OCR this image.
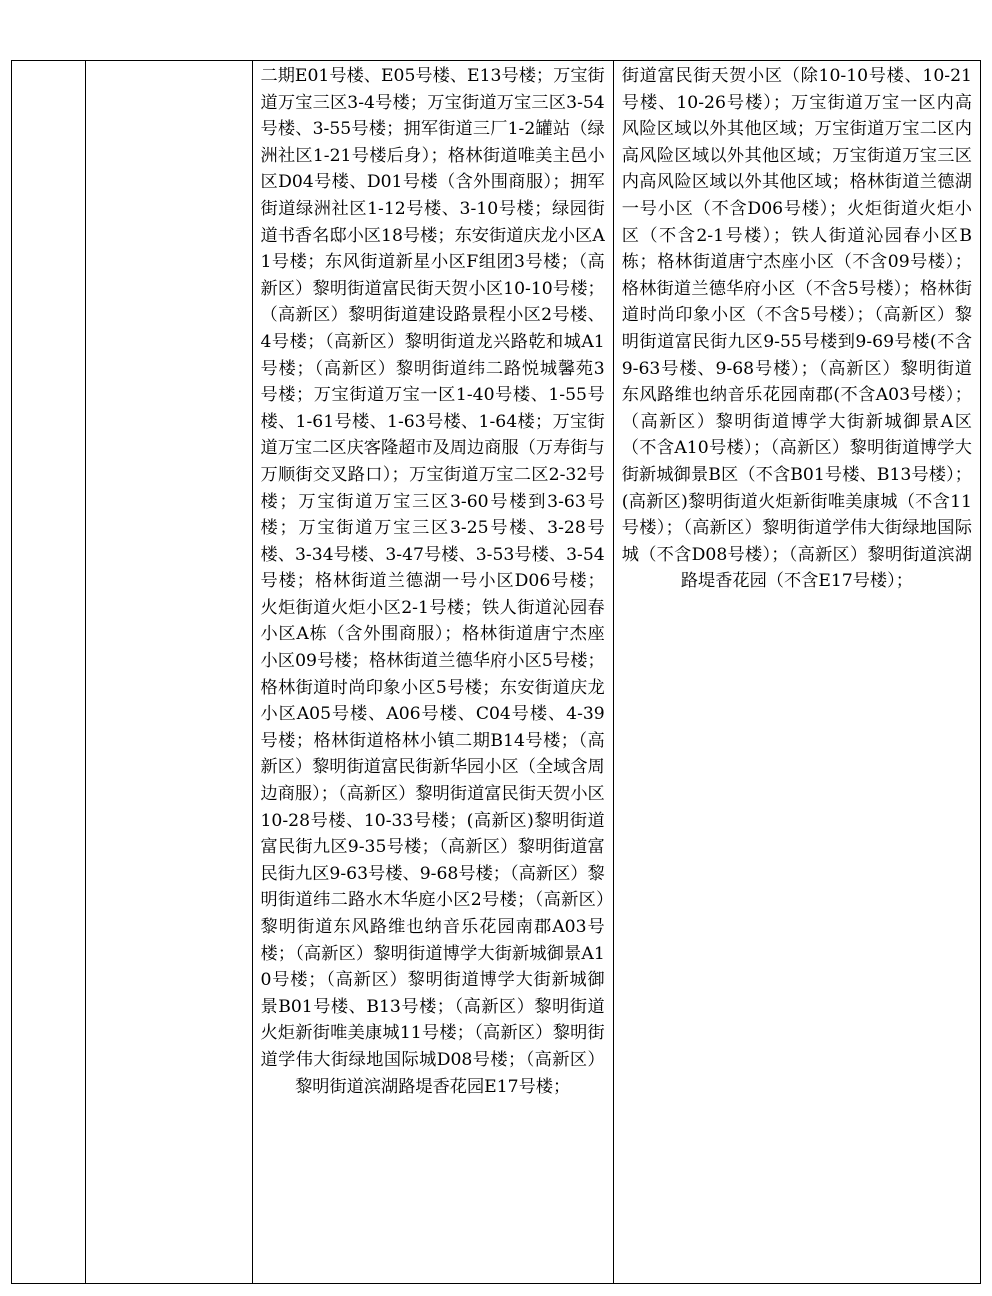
二期E01号楼、E05号楼、E13号楼；万宝街道万宝三区3-4号楼；万宝街道万宝三区3-54号楼、3-55号楼；拥军街道三厂1-2罐站（绿洲社区1-21号楼后身）；格林街道唯美主邑小区D04号楼、D01号楼（含外围商服）；拥军街道绿洲社区1-12号楼、3-10号楼；绿园街道书香名邸小区18号楼；东安街道庆龙小区A1号楼；东风街道新星小区F组团3号楼；（高新区）黎明街道富民街天贺小区10-10号楼；（高新区）黎明街道建设路景程小区2号楼、4号楼；（高新区）黎明街道龙兴路乾和城A1号楼；（高新区）黎明街道纬二路悦城馨苑3号楼；万宝街道万宝一区1-40号楼、1-55号楼、1-61号楼、1-63号楼、1-64楼；万宝街道万宝二区庆客隆超市及周边商服（万寿街与万顺街交叉路口）；万宝街道万宝二区2-32号楼；万宝街道万宝三区3-60号楼到3-63号楼；万宝街道万宝三区3-25号楼、3-28号楼、3-34号楼、3-47号楼、3-53号楼、3-54号楼；格林街道兰德湖一号小区D06号楼；火炬街道火炬小区2-1号楼；铁人街道沁园春小区A栋（含外围商服）；格林街道唐宁杰座小区09号楼；格林街道兰德华府小区5号楼；格林街道时尚印象小区5号楼；东安街道庆龙小区A05号楼、A06号楼、C04号楼、4-39号楼；格林街道格林小镇二期B14号楼；（高新区）黎明街道富民街新华园小区（全域含周边商服）；（高新区）黎明街道富民街天贺小区10-28号楼、10-33号楼；(高新区)黎明街道富民街九区9-35号楼；（高新区）黎明街道富民街九区9-63号楼、9-68号楼；（高新区）黎明街道纬二路水木华庭小区2号楼；（高新区）黎明街道东风路维也纳音乐花园南郡A03号楼；（高新区）黎明街道博学大街新城御景A10号楼；（高新区）黎明街道博学大街新城御景B01号楼、B13号楼；（高新区）黎明街道火炬新街唯美康城11号楼；（高新区）黎明街道学伟大街绿地国际城D08号楼；（高新区）黎明街道滨湖路堤香花园E17号楼；

街道富民街天贺小区（除10-10号楼、10-21号楼、10-26号楼）；万宝街道万宝一区内高风险区域以外其他区域；万宝街道万宝二区内高风险区域以外其他区域；万宝街道万宝三区内高风险区域以外其他区域；格林街道兰德湖一号小区（不含D06号楼）；火炬街道火炬小区（不含2-1号楼）；铁人街道沁园春小区B栋；格林街道唐宁杰座小区（不含09号楼）；格林街道兰德华府小区（不含5号楼）；格林街道时尚印象小区（不含5号楼）；（高新区）黎明街道富民街九区9-55号楼到9-69号楼(不含9-63号楼、9-68号楼）；（高新区）黎明街道东风路维也纳音乐花园南郡(不含A03号楼）；（高新区）黎明街道博学大街新城御景A区（不含A10号楼）；（高新区）黎明街道博学大街新城御景B区（不含B01号楼、B13号楼）；(高新区)黎明街道火炬新街唯美康城（不含11号楼）；（高新区）黎明街道学伟大街绿地国际城（不含D08号楼）；（高新区）黎明街道滨湖路堤香花园（不含E17号楼）；
